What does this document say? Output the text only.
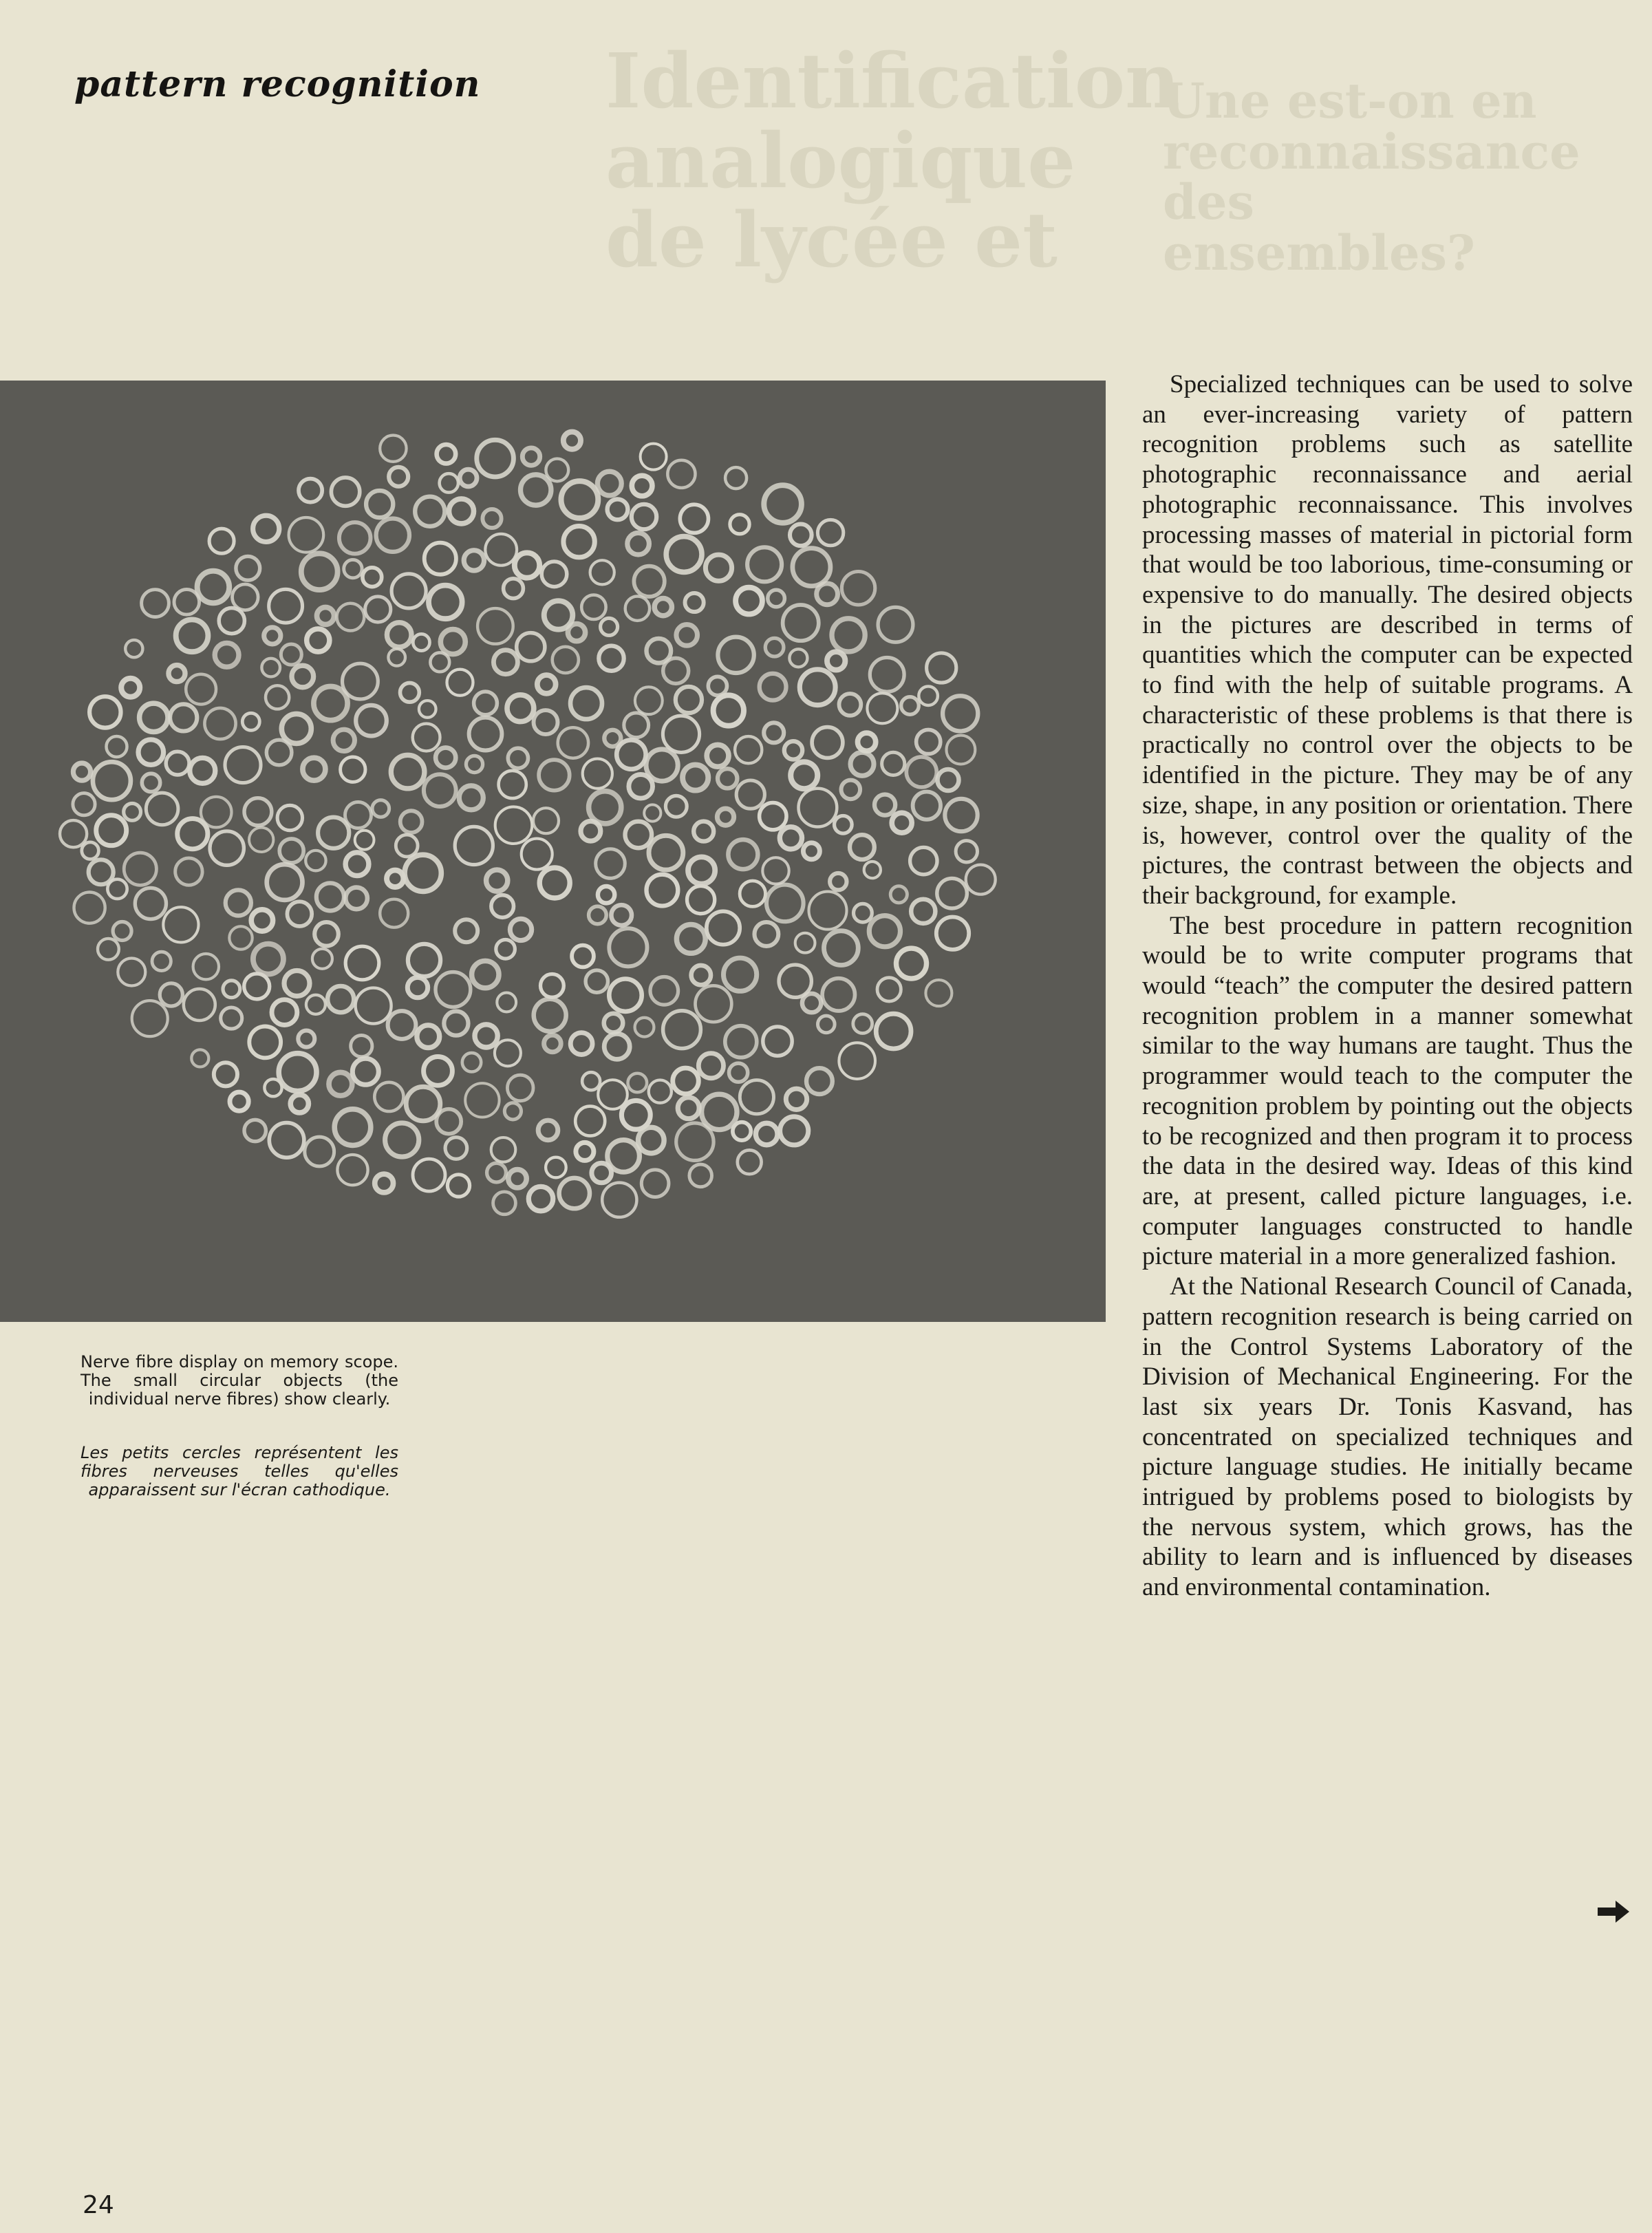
Une est-on en
reconnaissance
des
ensembles?
Identification
analogique
de lycée et
pattern recognition

Nerve fibre display on memory scope. The small circular objects (the individual nerve fibres) show clearly.

Les petits cercles représentent les fibres nerveuses telles qu'elles apparaissent sur l'écran cathodique.

Specialized techniques can be used to solve an ever-increasing variety of pattern recognition problems such as satellite photographic reconnaissance and aerial photographic reconnaissance. This involves processing masses of material in pictorial form that would be too laborious, time-consuming or expensive to do manually. The desired objects in the pictures are described in terms of quantities which the computer can be expected to find with the help of suitable programs. A characteristic of these problems is that there is practically no control over the objects to be identified in the picture. They may be of any size, shape, in any position or orientation. There is, however, control over the quality of the pictures, the contrast between the objects and their background, for example.

The best procedure in pattern recognition would be to write computer programs that would “teach” the computer the desired pattern recognition problem in a manner somewhat similar to the way humans are taught. Thus the programmer would teach to the computer the recognition problem by pointing out the objects to be recognized and then program it to process the data in the desired way. Ideas of this kind are, at present, called picture languages, i.e. computer languages constructed to handle picture material in a more generalized fashion.

At the National Research Council of Canada, pattern recognition research is being carried on in the Control Systems Laboratory of the Division of Mechanical Engineering. For the last six years Dr. Tonis Kasvand, has concentrated on specialized techniques and picture language studies. He initially became intrigued by problems posed to biologists by the nervous system, which grows, has the ability to learn and is influenced by diseases and environmental contamination.

24
